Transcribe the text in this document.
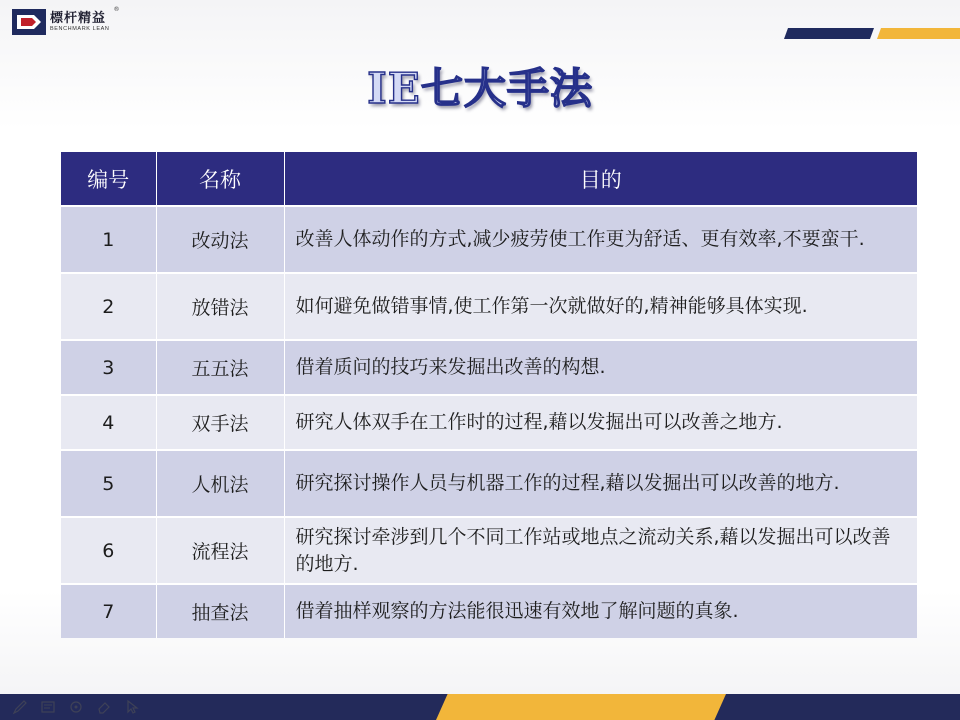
標杆精益
BENCHMARK LEAN
®
IE七大手法
编号	名称	目的
1	改动法	改善人体动作的方式,减少疲劳使工作更为舒适、更有效率,不要蛮干.
2	放错法	如何避免做错事情,使工作第一次就做好的,精神能够具体实现.
3	五五法	借着质问的技巧来发掘出改善的构想.
4	双手法	研究人体双手在工作时的过程,藉以发掘出可以改善之地方.
5	人机法	研究探讨操作人员与机器工作的过程,藉以发掘出可以改善的地方.
6	流程法	研究探讨牵涉到几个不同工作站或地点之流动关系,藉以发掘出可以改善的地方.
7	抽查法	借着抽样观察的方法能很迅速有效地了解问题的真象.
